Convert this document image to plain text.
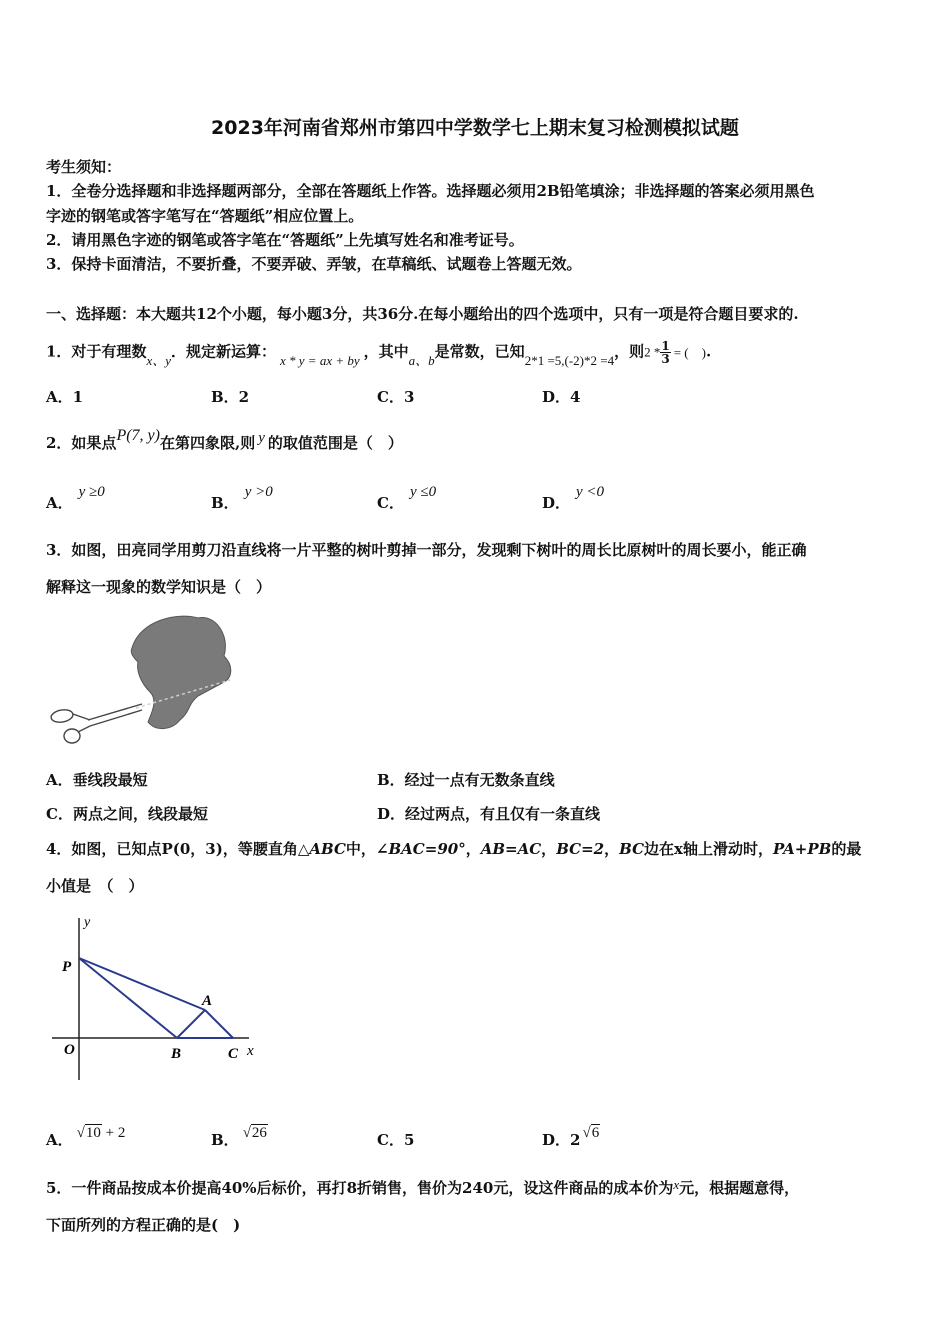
2023年河南省郑州市第四中学数学七上期末复习检测模拟试题
考生须知：
1．全卷分选择题和非选择题两部分，全部在答题纸上作答。选择题必须用2B铅笔填涂；非选择题的答案必须用黑色
字迹的钢笔或答字笔写在“答题纸”相应位置上。
2．请用黑色字迹的钢笔或答字笔在“答题纸”上先填写姓名和准考证号。
3．保持卡面清洁，不要折叠，不要弄破、弄皱，在草稿纸、试题卷上答题无效。
一、选择题：本大题共12个小题，每小题3分，共36分.在每小题给出的四个选项中，只有一项是符合题目要求的.
1．对于有理数x、y．规定新运算： x * y = ax + by ，其中a、b是常数，已知2*1 =5,(-2)*2 =4，则$2 * \frac{1}{3}$ = (　).
A．1	B．2	C．3	D．4
2．如果点P(7, y)在第四象限,则 y 的取值范围是（　）
A．y ≥0
B．y >0
C．y ≤0
D．y <0
3．如图，田亮同学用剪刀沿直线将一片平整的树叶剪掉一部分，发现剩下树叶的周长比原树叶的周长要小，能正确
解释这一现象的数学知识是（　）
A．垂线段最短	B．经过一点有无数条直线
C．两点之间，线段最短	D．经过两点，有且仅有一条直线
4．如图，已知点P(0，3)，等腰直角△ABC中，∠BAC=90°，AB=AC，BC=2，BC边在x轴上滑动时，PA+PB的最
小值是　（　）
y
P
A
O	B	C x
A． √10 + 2	B． √26	C．5	D．2 √6
5．一件商品按成本价提高40%后标价，再打8折销售，售价为240元，设这件商品的成本价为x元，根据题意得，
下面所列的方程正确的是(　)
